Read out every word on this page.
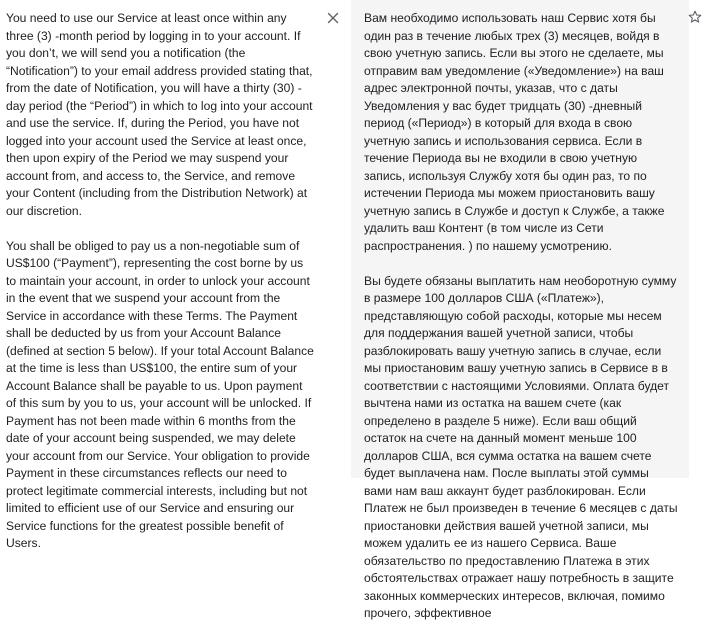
You need to use our Service at least once within any three (3) -month period by logging in to your account. If you don’t, we will send you a notification (the “Notification”) to your email address provided stating that, from the date of Notification, you will have a thirty (30) -day period (the “Period”) in which to log into your account and use the service. If, during the Period, you have not logged into your account used the Service at least once, then upon expiry of the Period we may suspend your account from, and access to, the Service, and remove your Content (including from the Distribution Network) at our discretion.

You shall be obliged to pay us a non-negotiable sum of US$100 (“Payment”), representing the cost borne by us to maintain your account, in order to unlock your account in the event that we suspend your account from the Service in accordance with these Terms. The Payment shall be deducted by us from your Account Balance (defined at section 5 below). If your total Account Balance at the time is less than US$100, the entire sum of your Account Balance shall be payable to us. Upon payment of this sum by you to us, your account will be unlocked. If Payment has not been made within 6 months from the date of your account being suspended, we may delete your account from our Service. Your obligation to provide Payment in these circumstances reflects our need to protect legitimate commercial interests, including but not limited to efficient use of our Service and ensuring our Service functions for the greatest possible benefit of Users.

Вам необходимо использовать наш Сервис хотя бы один раз в течение любых трех (3) месяцев, войдя в свою учетную запись. Если вы этого не сделаете, мы отправим вам уведомление («Уведомление») на ваш адрес электронной почты, указав, что с даты Уведомления у вас будет тридцать (30) -дневный период («Период») в который для входа в свою учетную запись и использования сервиса. Если в течение Периода вы не входили в свою учетную запись, используя Службу хотя бы один раз, то по истечении Периода мы можем приостановить вашу учетную запись в Службе и доступ к Службе, а также удалить ваш Контент (в том числе из Сети распространения. ) по нашему усмотрению.

Вы будете обязаны выплатить нам необоротную сумму в размере 100 долларов США («Платеж»), представляющую собой расходы, которые мы несем для поддержания вашей учетной записи, чтобы разблокировать вашу учетную запись в случае, если мы приостановим вашу учетную запись в Сервисе в в соответствии с настоящими Условиями. Оплата будет вычтена нами из остатка на вашем счете (как определено в разделе 5 ниже). Если ваш общий остаток на счете на данный момент меньше 100 долларов США, вся сумма остатка на вашем счете будет выплачена нам. После выплаты этой суммы вами нам ваш аккаунт будет разблокирован. Если Платеж не был произведен в течение 6 месяцев с даты приостановки действия вашей учетной записи, мы можем удалить ее из нашего Сервиса. Ваше обязательство по предоставлению Платежа в этих обстоятельствах отражает нашу потребность в защите законных коммерческих интересов, включая, помимо прочего, эффективное
